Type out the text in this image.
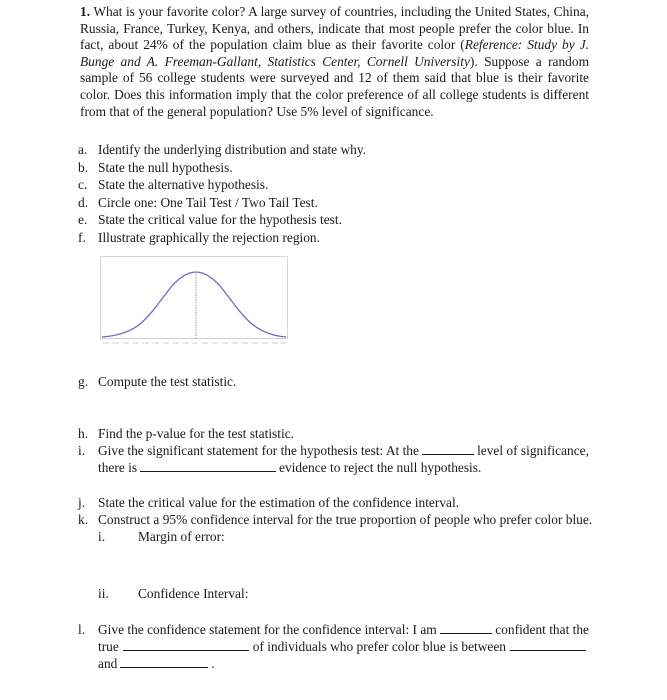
1. What is your favorite color? A large survey of countries, including the United States, China, Russia, France, Turkey, Kenya, and others, indicate that most people prefer the color blue. In fact, about 24% of the population claim blue as their favorite color (Reference: Study by J. Bunge and A. Freeman-Gallant, Statistics Center, Cornell University). Suppose a random sample of 56 college students were surveyed and 12 of them said that blue is their favorite color. Does this information imply that the color preference of all college students is different from that of the general population? Use 5% level of significance.

a. Identify the underlying distribution and state why.
b. State the null hypothesis.
c. State the alternative hypothesis.
d. Circle one: One Tail Test / Two Tail Test.
e. State the critical value for the hypothesis test.
f. Illustrate graphically the rejection region.
-3.00 -2.60 -2.40 -2.00 -1.80 -1.60 -1.40 -1.00 -0.60 0.00 0.60 1.00 1.40 1.60 1.80 2.00 2.40 2.60 3.00
g. Compute the test statistic.
h. Find the p-value for the test statistic.
i. Give the significant statement for the hypothesis test: At the	level of significance,
there is	evidence to reject the null hypothesis.
j. State the critical value for the estimation of the confidence interval.
k. Construct a 95% confidence interval for the true proportion of people who prefer color blue.
i. Margin of error:
ii. Confidence Interval:
l. Give the confidence statement for the confidence interval: I am	confident that the
true	of individuals who prefer color blue is between
and	.
